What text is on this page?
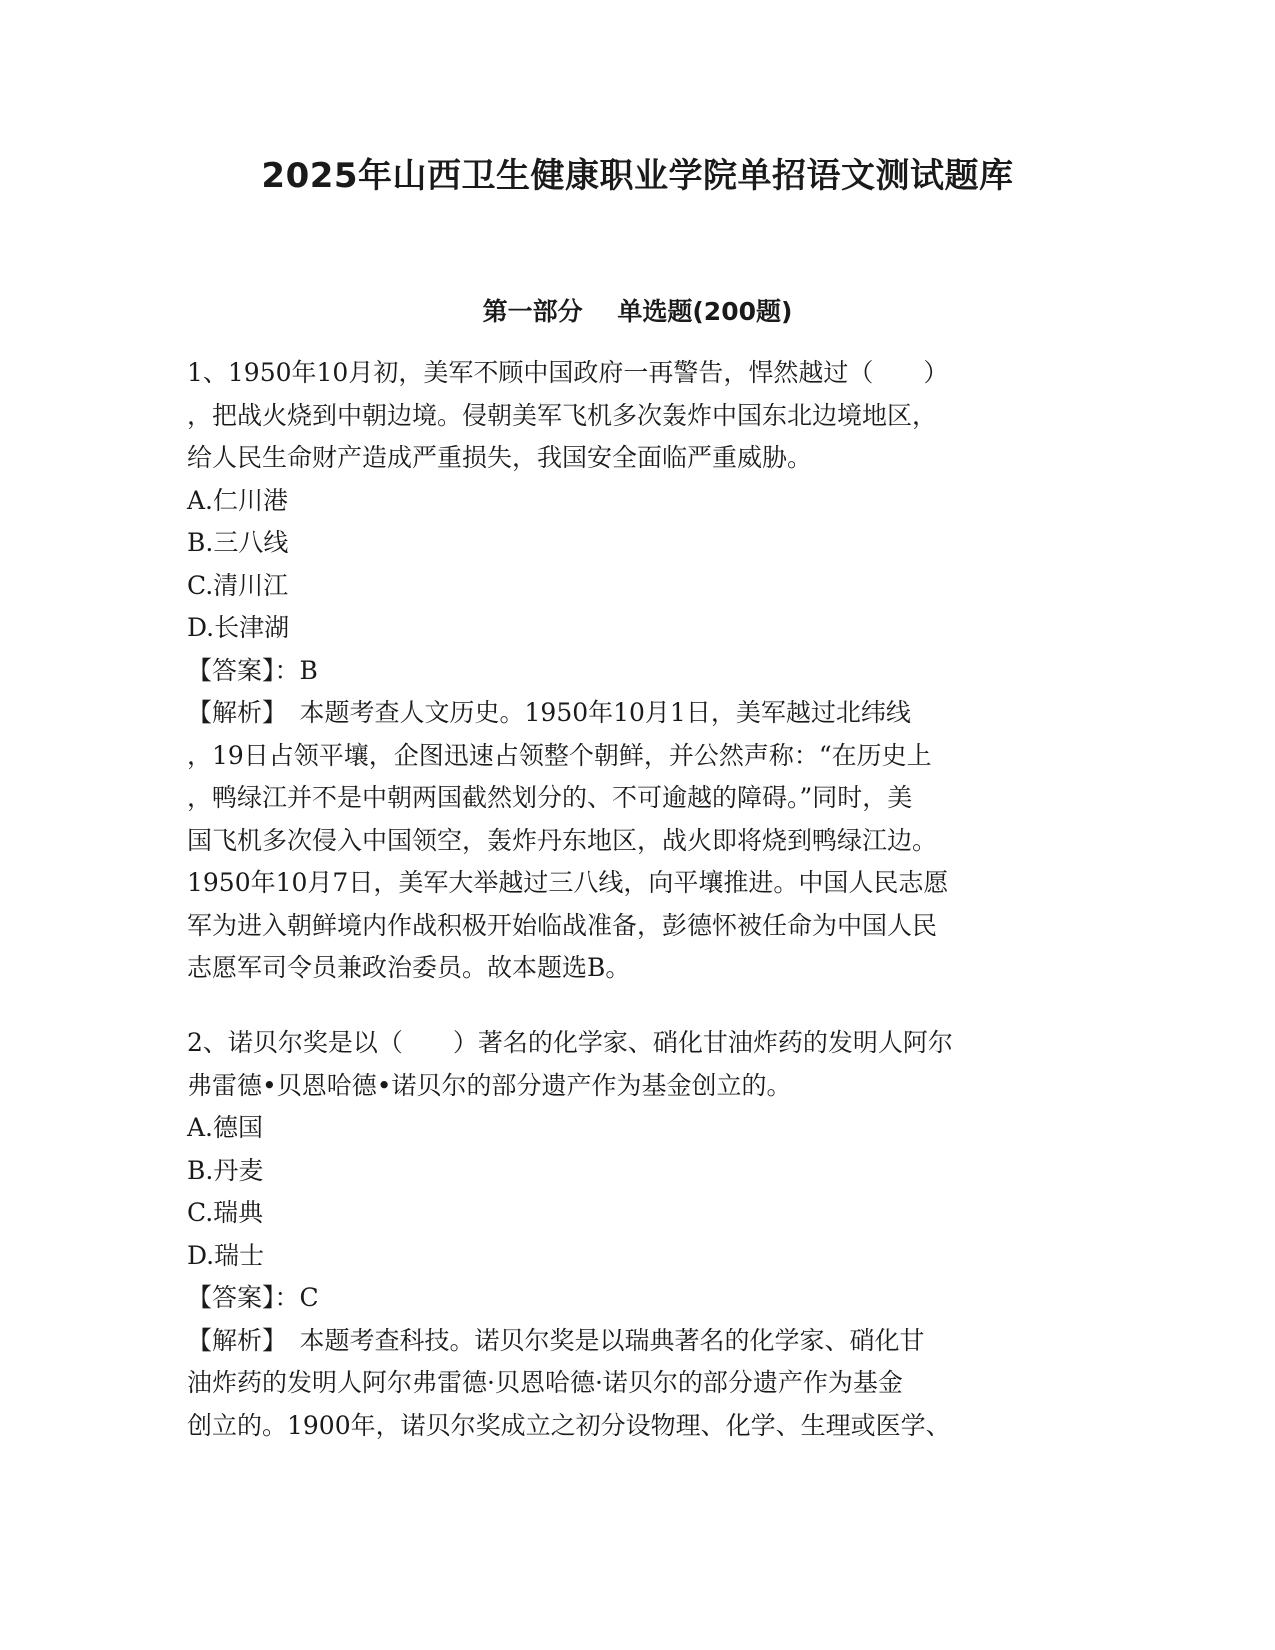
2025年山西卫生健康职业学院单招语文测试题库
第一部分    单选题(200题)
1、1950年10月初，美军不顾中国政府一再警告，悍然越过（　　）
，把战火烧到中朝边境。侵朝美军飞机多次轰炸中国东北边境地区，
给人民生命财产造成严重损失，我国安全面临严重威胁。
A.仁川港
B.三八线
C.清川江
D.长津湖
【答案】：B
【解析】　本题考查人文历史。1950年10月1日，美军越过北纬线
，19日占领平壤，企图迅速占领整个朝鲜，并公然声称：“在历史上
，鸭绿江并不是中朝两国截然划分的、不可逾越的障碍。”同时，美
国飞机多次侵入中国领空，轰炸丹东地区，战火即将烧到鸭绿江边。
1950年10月7日，美军大举越过三八线，向平壤推进。中国人民志愿
军为进入朝鲜境内作战积极开始临战准备，彭德怀被任命为中国人民
志愿军司令员兼政治委员。故本题选B。
2、诺贝尔奖是以（　　）著名的化学家、硝化甘油炸药的发明人阿尔
弗雷德•贝恩哈德•诺贝尔的部分遗产作为基金创立的。
A.德国
B.丹麦
C.瑞典
D.瑞士
【答案】：C
【解析】　本题考查科技。诺贝尔奖是以瑞典著名的化学家、硝化甘
油炸药的发明人阿尔弗雷德·贝恩哈德·诺贝尔的部分遗产作为基金
创立的。1900年，诺贝尔奖成立之初分设物理、化学、生理或医学、
